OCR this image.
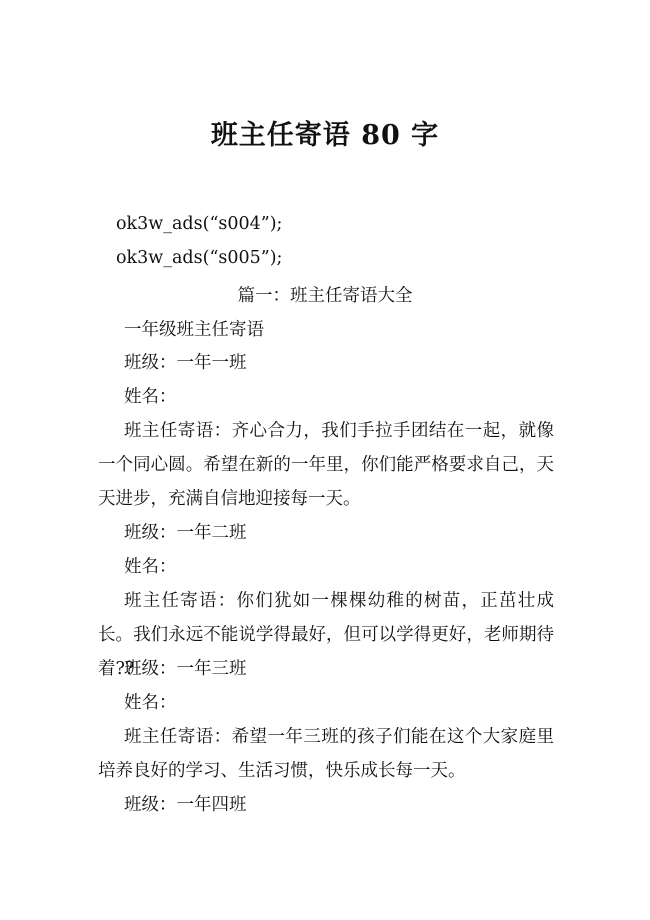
班主任寄语 80 字
ok3w_ads(“s004”);
ok3w_ads(“s005”);
篇一：班主任寄语大全
一年级班主任寄语
班级：一年一班
姓名：
班主任寄语：齐心合力，我们手拉手团结在一起，就像一个同心圆。希望在新的一年里，你们能严格要求自己，天天进步，充满自信地迎接每一天。
班级：一年二班
姓名：
班主任寄语：你们犹如一棵棵幼稚的树苗，正茁壮成长。我们永远不能说学得最好，但可以学得更好，老师期待着??
班级：一年三班
姓名：
班主任寄语：希望一年三班的孩子们能在这个大家庭里培养良好的学习、生活习惯，快乐成长每一天。
班级：一年四班
